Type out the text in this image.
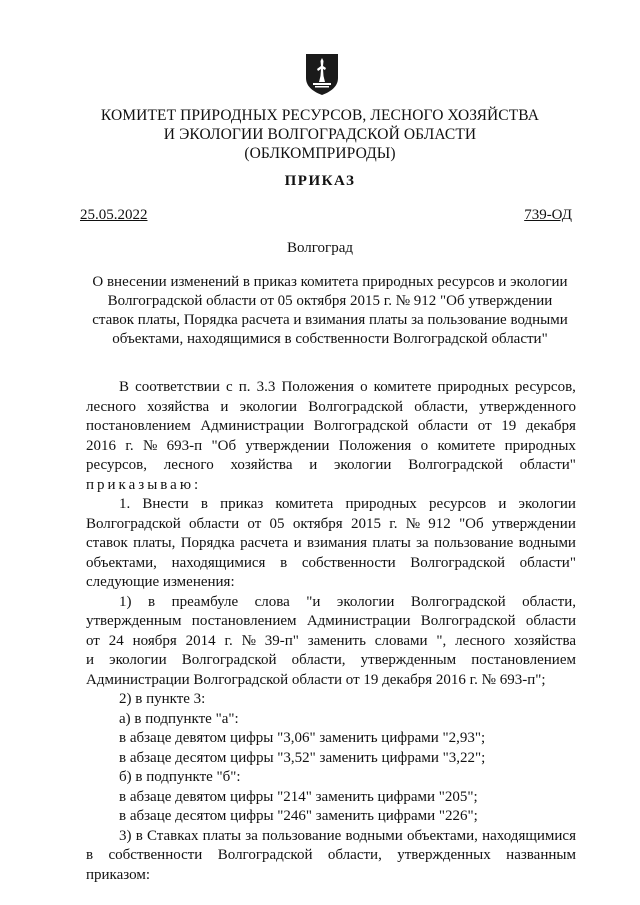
КОМИТЕТ ПРИРОДНЫХ РЕСУРСОВ, ЛЕСНОГО ХОЗЯЙСТВА
И ЭКОЛОГИИ ВОЛГОГРАДСКОЙ ОБЛАСТИ
(ОБЛКОМПРИРОДЫ)
ПРИКАЗ
25.05.2022	739-ОД
Волгоград
О внесении изменений в приказ комитета природных ресурсов и экологии
Волгоградской области от 05 октября 2015 г. № 912 "Об утверждении
ставок платы, Порядка расчета и взимания платы за пользование водными
объектами, находящимися в собственности Волгоградской области"
В соответствии с п. 3.3 Положения о комитете природных ресурсов,
лесного хозяйства и экологии Волгоградской области, утвержденного
постановлением Администрации Волгоградской области от 19 декабря
2016 г. № 693-п "Об утверждении Положения о комитете природных
ресурсов, лесного хозяйства и экологии Волгоградской области"
приказываю:
1. Внести в приказ комитета природных ресурсов и экологии
Волгоградской области от 05 октября 2015 г. № 912 "Об утверждении
ставок платы, Порядка расчета и взимания платы за пользование водными
объектами, находящимися в собственности Волгоградской области"
следующие изменения:
1) в преамбуле слова "и экологии Волгоградской области,
утвержденным постановлением Администрации Волгоградской области
от 24 ноября 2014 г. № 39-п" заменить словами ", лесного хозяйства
и экологии Волгоградской области, утвержденным постановлением
Администрации Волгоградской области от 19 декабря 2016 г. № 693-п";
2) в пункте 3:
а) в подпункте "а":
в абзаце девятом цифры "3,06" заменить цифрами "2,93";
в абзаце десятом цифры "3,52" заменить цифрами "3,22";
б) в подпункте "б":
в абзаце девятом цифры "214" заменить цифрами "205";
в абзаце десятом цифры "246" заменить цифрами "226";
3) в Ставках платы за пользование водными объектами, находящимися
в собственности Волгоградской области, утвержденных названным
приказом:
